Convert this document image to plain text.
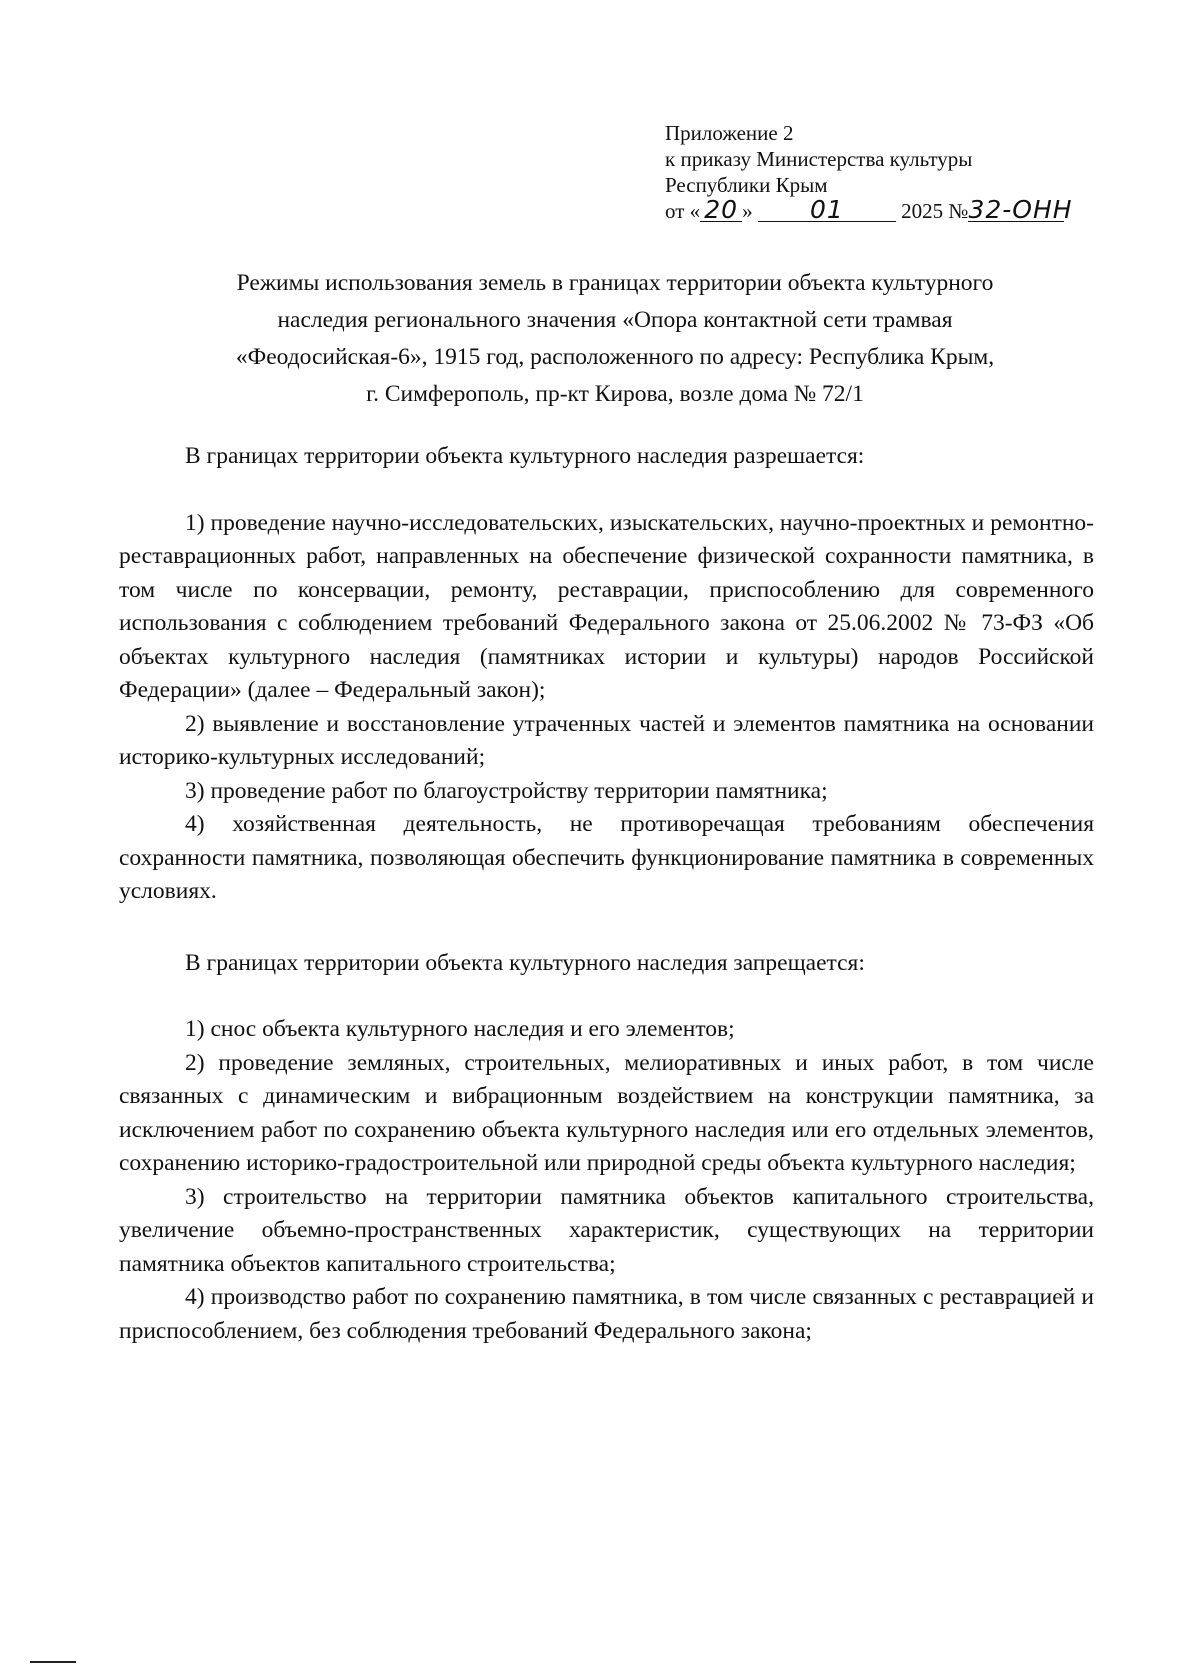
Приложение 2
к приказу Министерства культуры
Республики Крым
от « 20 » 01	2025 №32-ОНН
Режимы использования земель в границах территории объекта культурного
наследия регионального значения «Опора контактной сети трамвая
«Феодосийская-6», 1915 год, расположенного по адресу: Республика Крым,
г. Симферополь, пр-кт Кирова, возле дома № 72/1

В границах территории объекта культурного наследия разрешается:

1) проведение научно-исследовательских, изыскательских, научно-проектных и ремонтно-реставрационных работ, направленных на обеспечение физической сохранности памятника, в том числе по консервации, ремонту, реставрации, приспособлению для современного использования с соблюдением требований Федерального закона от 25.06.2002 № 73-ФЗ «Об объектах культурного наследия (памятниках истории и культуры) народов Российской Федерации» (далее – Федеральный закон);

2) выявление и восстановление утраченных частей и элементов памятника на основании историко-культурных исследований;

3) проведение работ по благоустройству территории памятника;

4) хозяйственная деятельность, не противоречащая требованиям обеспечения сохранности памятника, позволяющая обеспечить функционирование памятника в современных условиях.

В границах территории объекта культурного наследия запрещается:

1) снос объекта культурного наследия и его элементов;

2) проведение земляных, строительных, мелиоративных и иных работ, в том числе связанных с динамическим и вибрационным воздействием на конструкции памятника, за исключением работ по сохранению объекта культурного наследия или его отдельных элементов, сохранению историко-градостроительной или природной среды объекта культурного наследия;

3) строительство на территории памятника объектов капитального строительства, увеличение объемно-пространственных характеристик, существующих на территории памятника объектов капитального строительства;

4) производство работ по сохранению памятника, в том числе связанных с реставрацией и приспособлением, без соблюдения требований Федерального закона;
